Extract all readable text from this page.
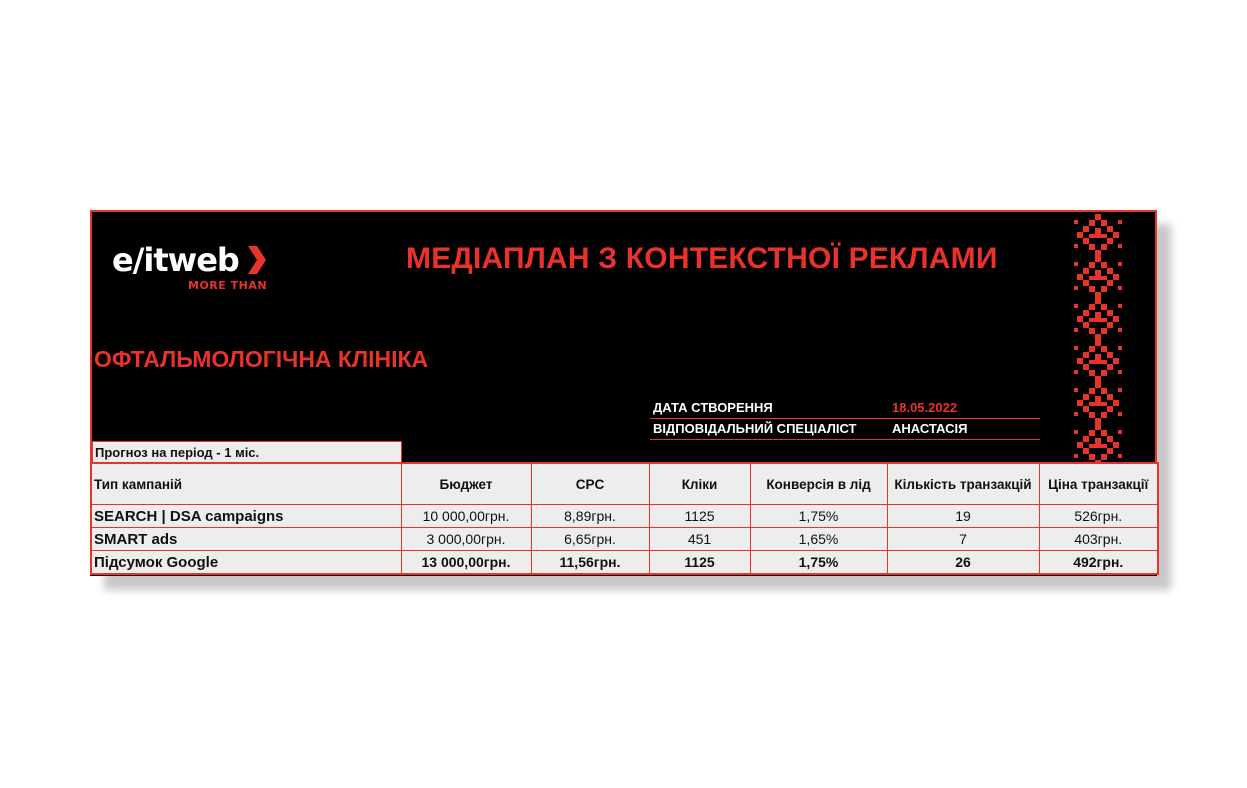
e/itweb
MORE THAN
МЕДІАПЛАН З КОНТЕКСТНОЇ РЕКЛАМИ
ОФТАЛЬМОЛОГІЧНА КЛІНІКА
ДАТА СТВОРЕННЯ	18.05.2022
ВІДПОВІДАЛЬНИЙ СПЕЦІАЛІСТ	АНАСТАСІЯ
Прогноз на період - 1 міс.
Тип кампаній	Бюджет	CPC	Кліки	Конверсія в лід	Кількість транзакцій	Ціна транзакції
SEARCH | DSA campaigns	10 000,00грн.	8,89грн.	1125	1,75%	19	526грн.
SMART ads	3 000,00грн.	6,65грн.	451	1,65%	7	403грн.
Підсумок Google	13 000,00грн.	11,56грн.	1125	1,75%	26	492грн.
